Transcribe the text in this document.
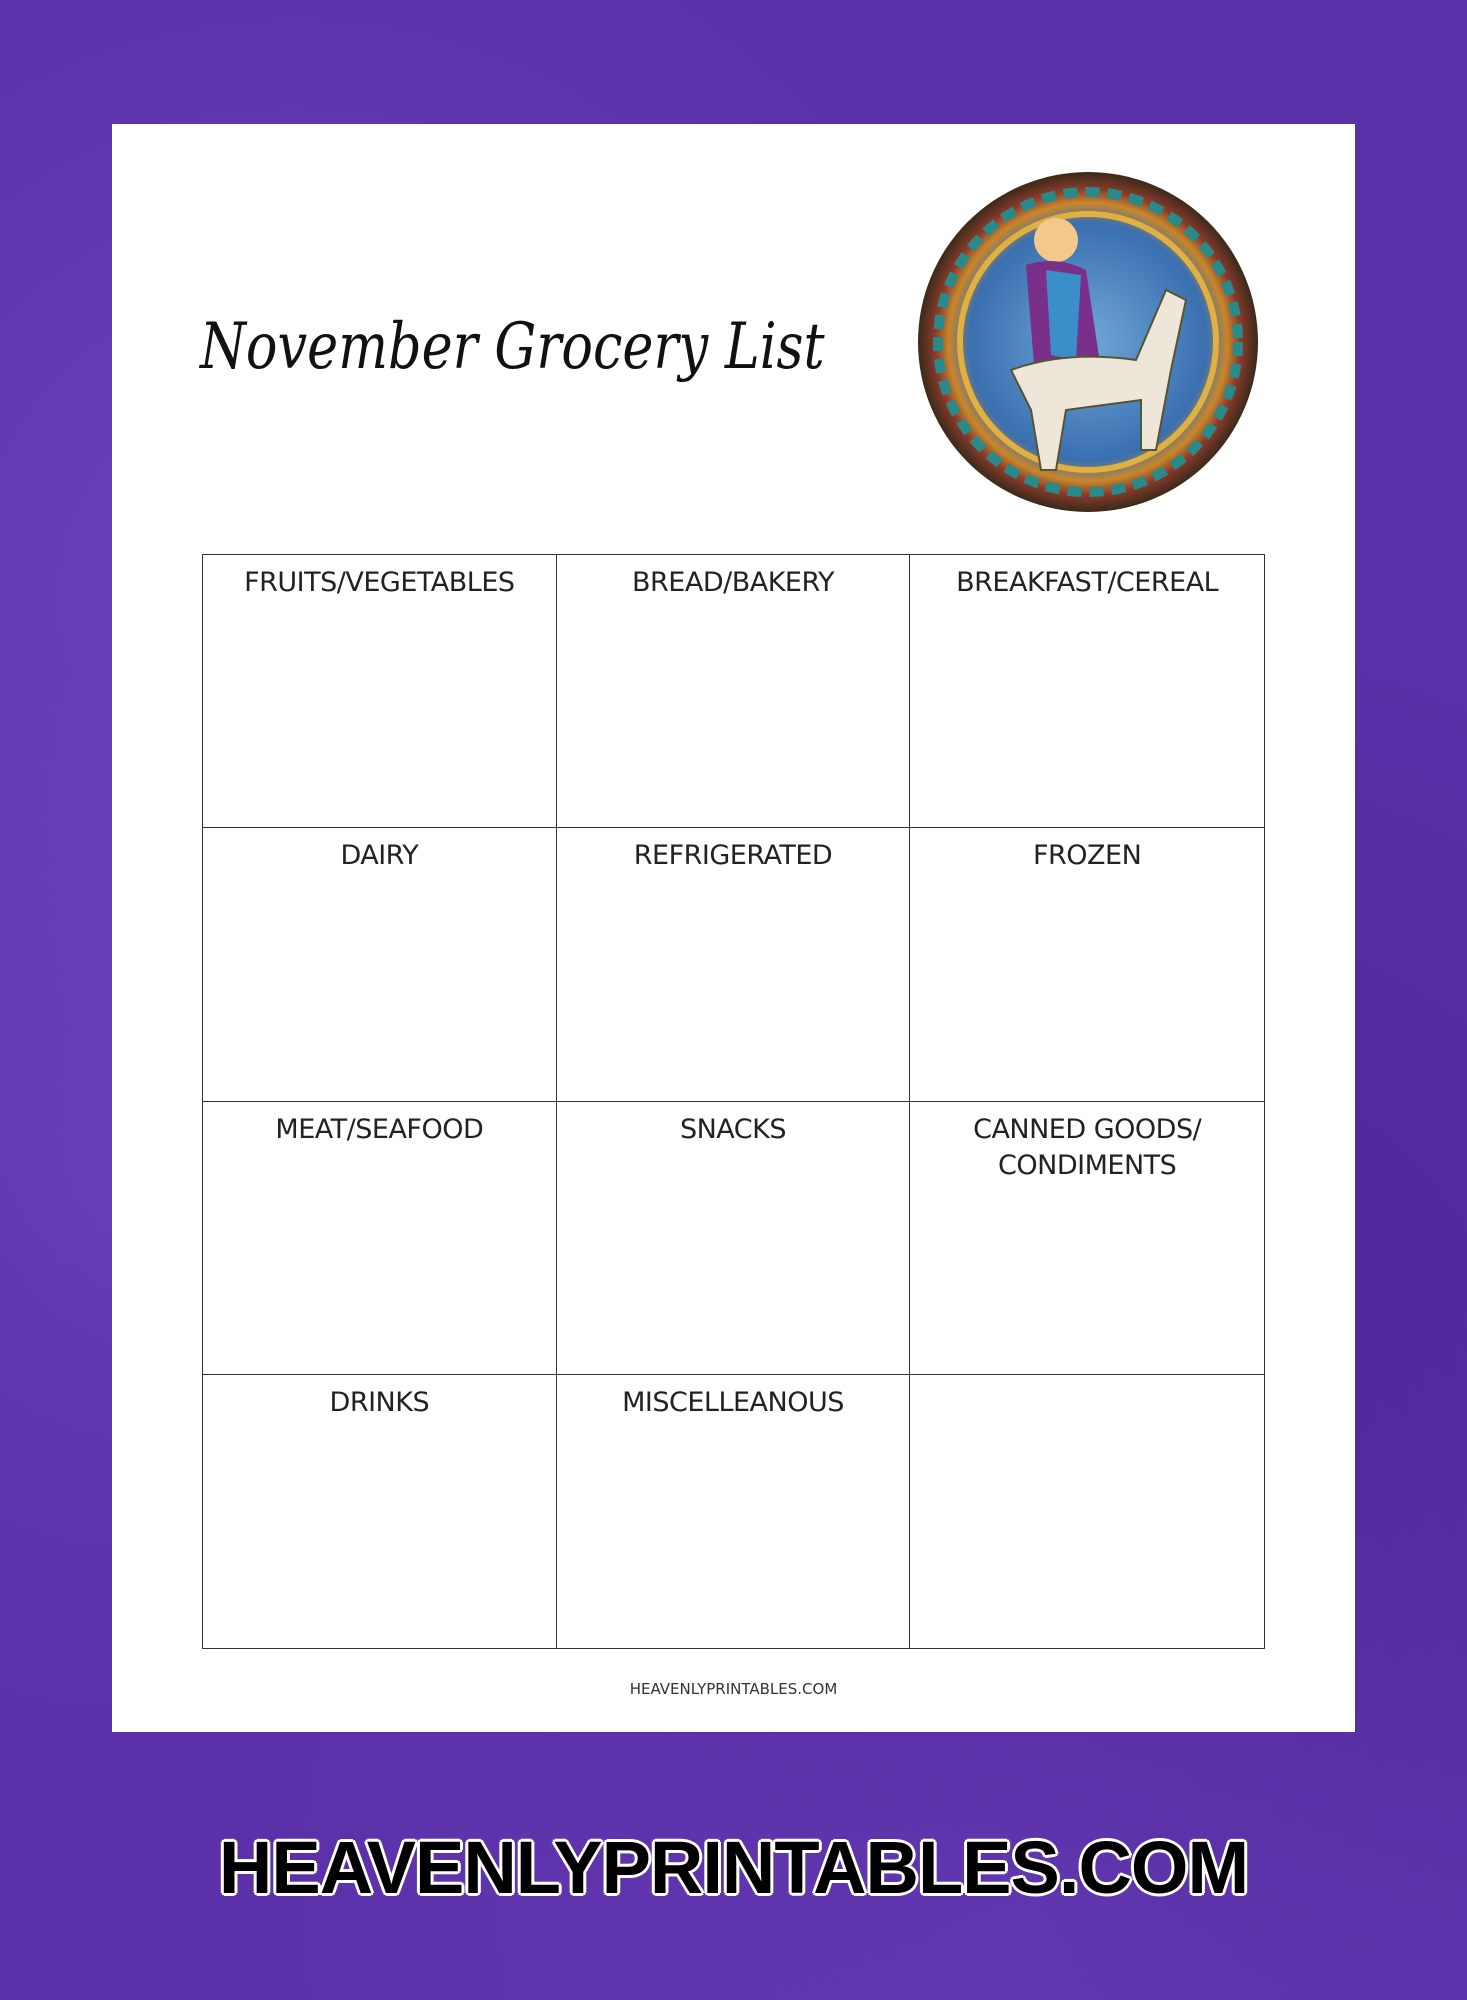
November Grocery List
FRUITS/VEGETABLES	BREAD/BAKERY	BREAKFAST/CEREAL
DAIRY	REFRIGERATED	FROZEN
MEAT/SEAFOOD	SNACKS	CANNED GOODS/ CONDIMENTS
DRINKS	MISCELLEANOUS
HEAVENLYPRINTABLES.COM
HEAVENLYPRINTABLES.COM
